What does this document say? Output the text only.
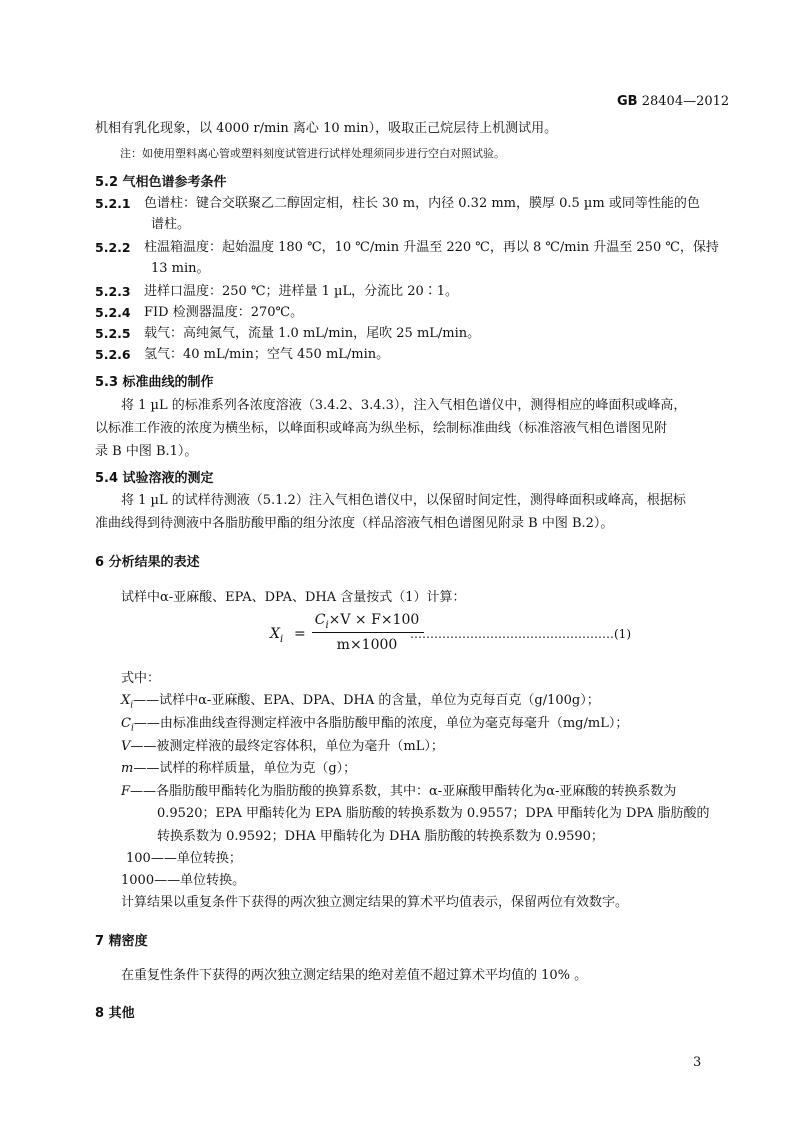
GB 28404—2012
机相有乳化现象，以 4000 r/min 离心 10 min），吸取正己烷层待上机测试用。
注：如使用塑料离心管或塑料刻度试管进行试样处理须同步进行空白对照试验。
5.2 气相色谱参考条件
5.2.1 色谱柱：键合交联聚乙二醇固定相，柱长 30 m，内径 0.32 mm，膜厚 0.5 µm 或同等性能的色
谱柱。
5.2.2 柱温箱温度：起始温度 180 ℃，10 ℃/min 升温至 220 ℃，再以 8 ℃/min 升温至 250 ℃，保持
13 min。
5.2.3 进样口温度：250 ℃；进样量 1 µL，分流比 20∶1。
5.2.4 FID 检测器温度：270℃。
5.2.5 载气：高纯氮气，流量 1.0 mL/min，尾吹 25 mL/min。
5.2.6 氢气：40 mL/min；空气 450 mL/min。
5.3 标准曲线的制作
将 1 µL 的标准系列各浓度溶液（3.4.2、3.4.3），注入气相色谱仪中，测得相应的峰面积或峰高，
以标准工作液的浓度为横坐标，以峰面积或峰高为纵坐标，绘制标准曲线（标准溶液气相色谱图见附
录 B 中图 B.1）。
5.4 试验溶液的测定
将 1 µL 的试样待测液（5.1.2）注入气相色谱仪中，以保留时间定性，测得峰面积或峰高，根据标
准曲线得到待测液中各脂肪酸甲酯的组分浓度（样品溶液气相色谱图见附录 B 中图 B.2）。
6 分析结果的表述
试样中α-亚麻酸、EPA、DPA、DHA 含量按式（1）计算：
$X_i$ =
$C_i\times V \times F\times 100$
m×1000
……………………………………………(1)
式中：
$X_i——$试样中α-亚麻酸、EPA、DPA、DHA 的含量，单位为克每百克（g/100g）；
$C_i——$由标准曲线查得测定样液中各脂肪酸甲酯的浓度，单位为毫克每毫升（mg/mL）；
V——被测定样液的最终定容体积，单位为毫升（mL）；
m——试样的称样质量，单位为克（g）；
F——各脂肪酸甲酯转化为脂肪酸的换算系数，其中：α-亚麻酸甲酯转化为α-亚麻酸的转换系数为
0.9520；EPA 甲酯转化为 EPA 脂肪酸的转换系数为 0.9557；DPA 甲酯转化为 DPA 脂肪酸的
转换系数为 0.9592；DHA 甲酯转化为 DHA 脂肪酸的转换系数为 0.9590；
100——单位转换；
1000——单位转换。
计算结果以重复条件下获得的两次独立测定结果的算术平均值表示，保留两位有效数字。
7 精密度
在重复性条件下获得的两次独立测定结果的绝对差值不超过算术平均值的 10% 。
8 其他
3
